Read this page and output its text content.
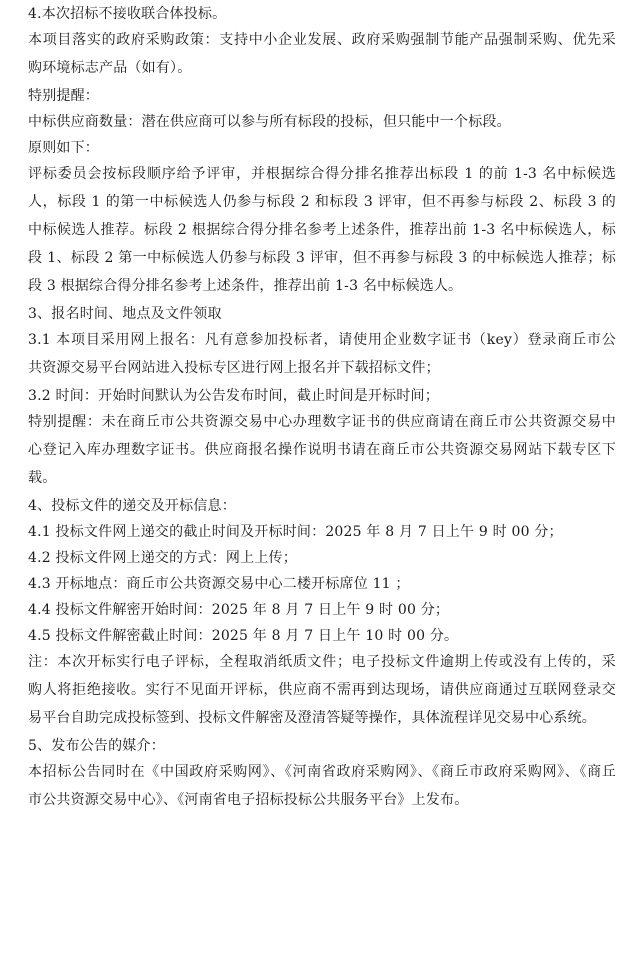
4.本次招标不接收联合体投标。
本项目落实的政府采购政策：支持中小企业发展、政府采购强制节能产品强制采购、优先采
购环境标志产品（如有）。
特别提醒：
中标供应商数量：潜在供应商可以参与所有标段的投标，但只能中一个标段。
原则如下：
评标委员会按标段顺序给予评审，并根据综合得分排名推荐出标段 1 的前 1-3 名中标候选
人，标段 1 的第一中标候选人仍参与标段 2 和标段 3 评审，但不再参与标段 2、标段 3 的
中标候选人推荐。标段 2 根据综合得分排名参考上述条件，推荐出前 1-3 名中标候选人，标
段 1、标段 2 第一中标候选人仍参与标段 3 评审，但不再参与标段 3 的中标候选人推荐；标
段 3 根据综合得分排名参考上述条件，推荐出前 1-3 名中标候选人。
3、报名时间、地点及文件领取
3.1 本项目采用网上报名：凡有意参加投标者，请使用企业数字证书（key）登录商丘市公
共资源交易平台网站进入投标专区进行网上报名并下载招标文件；
3.2 时间：开始时间默认为公告发布时间，截止时间是开标时间；
特别提醒：未在商丘市公共资源交易中心办理数字证书的供应商请在商丘市公共资源交易中
心登记入库办理数字证书。供应商报名操作说明书请在商丘市公共资源交易网站下载专区下
载。
4、投标文件的递交及开标信息：
4.1 投标文件网上递交的截止时间及开标时间：2025 年 8 月 7 日上午 9 时 00 分；
4.2 投标文件网上递交的方式：网上上传；
4.3 开标地点：商丘市公共资源交易中心二楼开标席位 11 ；
4.4 投标文件解密开始时间：2025 年 8 月 7 日上午 9 时 00 分；
4.5 投标文件解密截止时间：2025 年 8 月 7 日上午 10 时 00 分。
注：本次开标实行电子评标，全程取消纸质文件；电子投标文件逾期上传或没有上传的，采
购人将拒绝接收。实行不见面开评标，供应商不需再到达现场，请供应商通过互联网登录交
易平台自助完成投标签到、投标文件解密及澄清答疑等操作，具体流程详见交易中心系统。
5、发布公告的媒介：
本招标公告同时在《中国政府采购网》、《河南省政府采购网》、《商丘市政府采购网》、《商丘
市公共资源交易中心》、《河南省电子招标投标公共服务平台》上发布。
